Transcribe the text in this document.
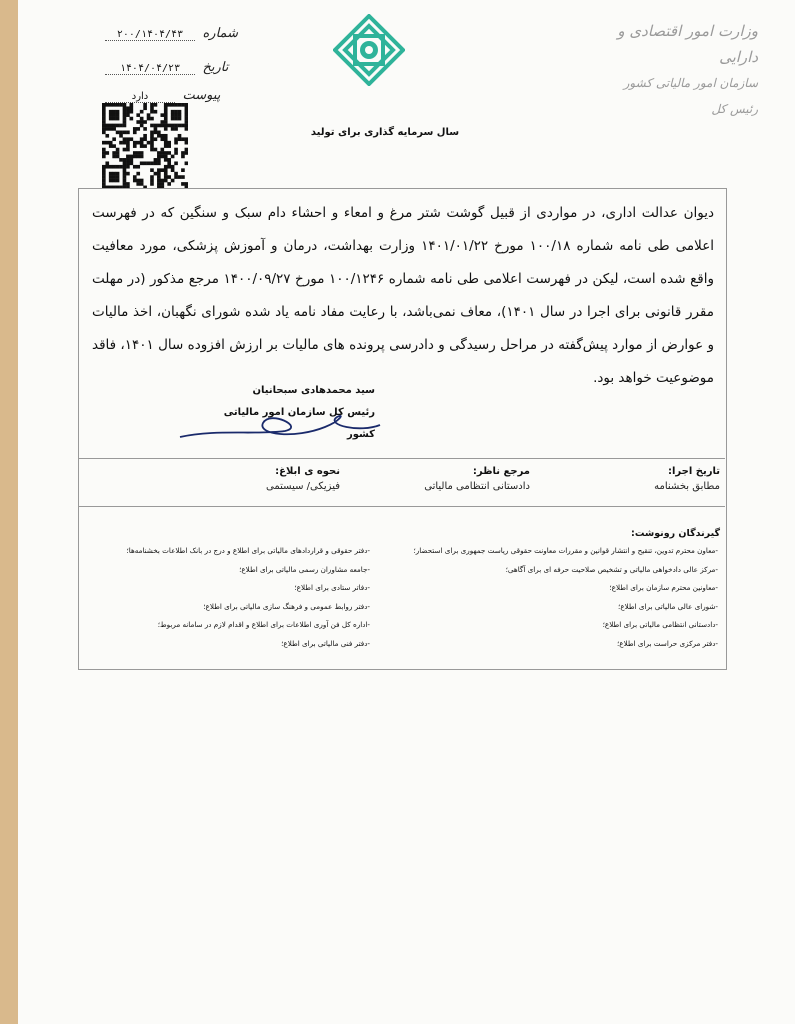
شماره ۲۰۰/۱۴۰۴/۴۳
تاریخ ۱۴۰۴/۰۴/۲۳
پیوست دارد
وزارت امور اقتصادی و دارایی
سازمان امور مالیاتی کشور
رئیس کل
سال سرمایه گذاری برای تولید
دیوان عدالت اداری، در مواردی از قبیل گوشت شتر مرغ و امعاء و احشاء دام سبک و سنگین که در فهرست اعلامی طی نامه شماره ۱۰۰/۱۸ مورخ ۱۴۰۱/۰۱/۲۲ وزارت بهداشت، درمان و آموزش پزشکی، مورد معافیت واقع شده است، لیکن در فهرست اعلامی طی نامه شماره ۱۰۰/۱۲۴۶ مورخ ۱۴۰۰/۰۹/۲۷ مرجع مذکور (در مهلت مقرر قانونی برای اجرا در سال ۱۴۰۱)، معاف نمی‌باشد، با رعایت مفاد نامه یاد شده شورای نگهبان، اخذ مالیات و عوارض از موارد پیش‌گفته در مراحل رسیدگی و دادرسی پرونده های مالیات بر ارزش افزوده سال ۱۴۰۱، فاقد موضوعیت خواهد بود.
سید محمدهادی سبحانیان
رئیس کل سازمان امور مالیاتی کشور
تاریخ اجرا:
مطابق بخشنامه
مرجع ناظر:
دادستانی انتظامی مالیاتی
نحوه ی ابلاغ:
فیزیکی/ سیستمی
گیرندگان رونوشت:
-معاون محترم تدوین، تنقیح و انتشار قوانین و مقررات معاونت حقوقی ریاست جمهوری برای استحضار؛
-مرکز عالی دادخواهی مالیاتی و تشخیص صلاحیت حرفه ای برای آگاهی؛
-معاونین محترم سازمان برای اطلاع؛
-شورای عالی مالیاتی برای اطلاع؛
-دادستانی انتظامی مالیاتی برای اطلاع؛
-دفتر مرکزی حراست برای اطلاع؛
-دفتر حقوقی و قراردادهای مالیاتی برای اطلاع و درج در بانک اطلاعات بخشنامه‌ها؛
-جامعه مشاوران رسمی مالیاتی برای اطلاع؛
-دفاتر ستادی برای اطلاع؛
-دفتر روابط عمومی و فرهنگ سازی مالیاتی برای اطلاع؛
-اداره کل فن آوری اطلاعات برای اطلاع و اقدام لازم در سامانه مربوط؛
-دفتر فنی مالیاتی برای اطلاع؛
